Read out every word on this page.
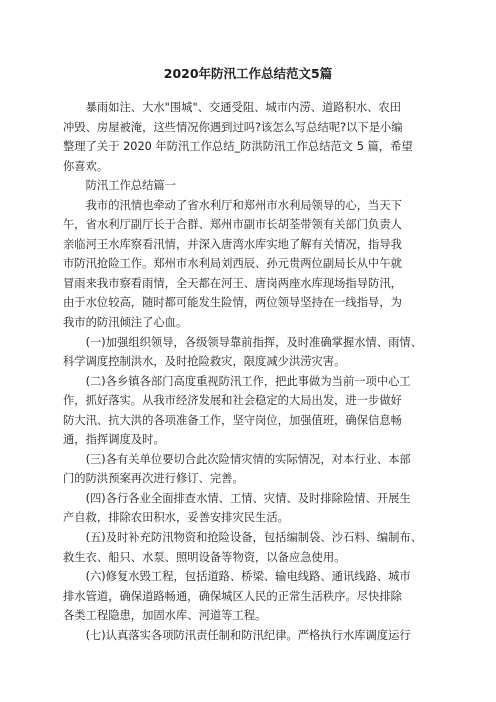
2020年防汛工作总结范文5篇
暴雨如注、大水"围城"、交通受阻、城市内涝、道路积水、农田
冲毁、房屋被淹，这些情况你遇到过吗?该怎么写总结呢?以下是小编
整理了关于 2020 年防汛工作总结_防洪防汛工作总结范文 5 篇，希望
你喜欢。
防汛工作总结篇一
我市的汛情也牵动了省水利厅和郑州市水利局领导的心，当天下
午，省水利厅副厅长于合群、郑州市副市长胡荃带领有关部门负责人
亲临河王水库察看汛情，并深入唐湾水库实地了解有关情况，指导我
市防汛抢险工作。郑州市水利局刘西辰、孙元贵两位副局长从中午就
冒雨来我市察看雨情，全天都在河王、唐岗两座水库现场指导防汛，
由于水位较高，随时都可能发生险情，两位领导坚持在一线指导，为
我市的防汛倾注了心血。
(一)加强组织领导，各级领导靠前指挥，及时准确掌握水情、雨情、
科学调度控制洪水，及时抢险救灾，限度减少洪涝灾害。
(二)各乡镇各部门高度重视防汛工作，把此事做为当前一项中心工
作，抓好落实。从我市经济发展和社会稳定的大局出发，进一步做好
防大汛、抗大洪的各项准备工作，坚守岗位，加强值班，确保信息畅
通，指挥调度及时。
(三)各有关单位要切合此次险情灾情的实际情况，对本行业、本部
门的防洪预案再次进行修订、完善。
(四)各行各业全面排查水情、工情、灾情、及时排除险情、开展生
产自救，排除农田积水，妥善安排灾民生活。
(五)及时补充防汛物资和抢险设备，包括编制袋、沙石料、编制布、
救生衣、船只、水泵、照明设备等物资，以备应急使用。
(六)修复水毁工程，包括道路、桥梁、输电线路、通讯线路、城市
排水管道，确保道路畅通，确保城区人民的正常生活秩序。尽快排除
各类工程隐患，加固水库、河道等工程。
(七)认真落实各项防汛责任制和防汛纪律。严格执行水库调度运行
